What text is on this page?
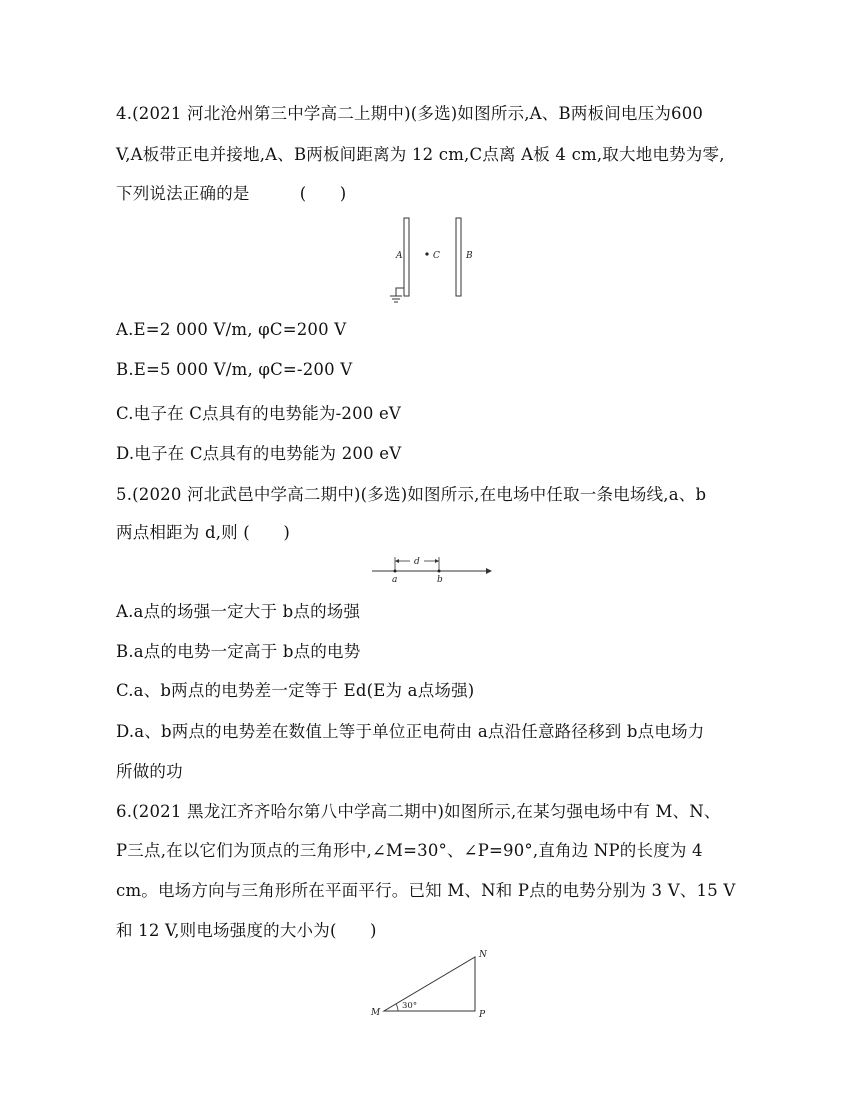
4.(2021 河北沧州第三中学高二上期中)(多选)如图所示,A、B两板间电压为600
V,A板带正电并接地,A、B两板间距离为 12 cm,C点离 A板 4 cm,取大地电势为零,
下列说法正确的是　　　(　　)
A	C	B
A.E=2 000 V/m, φC=200 V
B.E=5 000 V/m, φC=-200 V
C.电子在 C点具有的电势能为-200 eV
D.电子在 C点具有的电势能为 200 eV
5.(2020 河北武邑中学高二期中)(多选)如图所示,在电场中任取一条电场线,a、b
两点相距为 d,则 (　　)
d
a	b
A.a点的场强一定大于 b点的场强
B.a点的电势一定高于 b点的电势
C.a、b两点的电势差一定等于 Ed(E为 a点场强)
D.a、b两点的电势差在数值上等于单位正电荷由 a点沿任意路径移到 b点电场力
所做的功
6.(2021 黑龙江齐齐哈尔第八中学高二期中)如图所示,在某匀强电场中有 M、N、
P三点,在以它们为顶点的三角形中,∠M=30°、∠P=90°,直角边 NP的长度为 4
cm。电场方向与三角形所在平面平行。已知 M、N和 P点的电势分别为 3 V、15 V
和 12 V,则电场强度的大小为(　　)
30°
M
N
P
